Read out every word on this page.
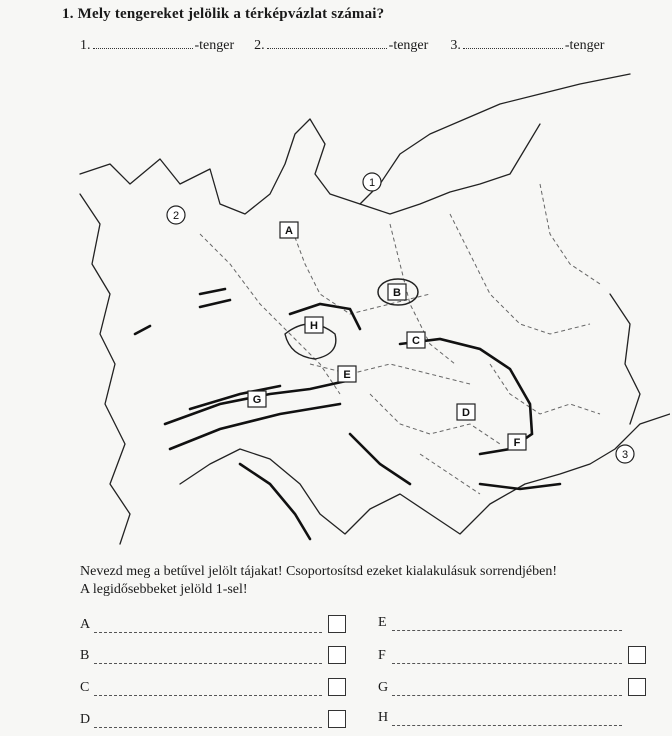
1. Mely tengereket jelölik a térképvázlat számai?
1.	-tenger 2.	-tenger 3.	-tenger
A
B
C
D
E
F
G
H
1
2
3
Nevezd meg a betűvel jelölt tájakat! Csoportosítsd ezeket kialakulásuk sorrendjében!
A legidősebbeket jelöld 1-sel!
A	E
B	F
C	G
D	H
